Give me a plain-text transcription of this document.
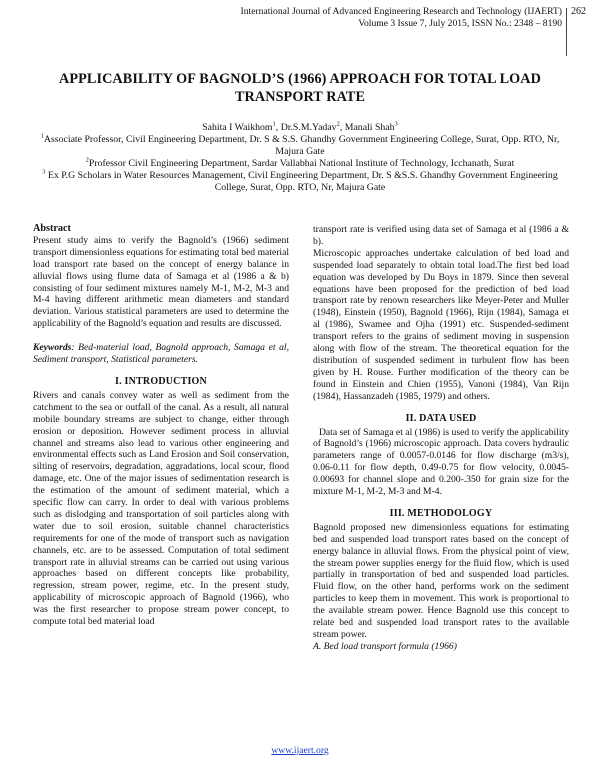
International Journal of Advanced Engineering Research and Technology (IJAERT)
Volume 3 Issue 7, July 2015, ISSN No.: 2348 – 8190
262
APPLICABILITY OF BAGNOLD’S (1966) APPROACH FOR TOTAL LOAD
TRANSPORT RATE

Sahita I Waikhom$^1$, Dr.S.M.Yadav$^2$, Manali Shah$^3$

$^1$Associate Professor, Civil Engineering Department, Dr. S & S.S. Ghandhy Government Engineering College, Surat, Opp. RTO, Nr, Majura Gate

$^2$Professor Civil Engineering Department, Sardar Vallabhai National Institute of Technology, Icchanath, Surat

$^3$ Ex P.G Scholars in Water Resources Management, Civil Engineering Department, Dr. S &S.S. Ghandhy Government Engineering College, Surat, Opp. RTO, Nr, Majura Gate

Abstract

Present study aims to verify the Bagnold’s (1966) sediment transport dimensionless equations for estimating total bed material load transport rate based on the concept of energy balance in alluvial flows using flume data of Samaga et al (1986 a & b) consisting of four sediment mixtures namely M-1, M-2, M-3 and M-4 having different arithmetic mean diameters and standard deviation. Various statistical parameters are used to determine the applicability of the Bagnold’s equation and results are discussed.

Keywords: Bed-material load, Bagnold approach, Samaga et al, Sediment transport, Statistical parameters.

I. INTRODUCTION

Rivers and canals convey water as well as sediment from the catchment to the sea or outfall of the canal. As a result, all natural mobile boundary streams are subject to change, either through erosion or deposition. However sediment process in alluvial channel and streams also lead to various other engineering and environmental effects such as Land Erosion and Soil conservation, silting of reservoirs, degradation, aggradations, local scour, flood damage, etc. One of the major issues of sedimentation research is the estimation of the amount of sediment material, which a specific flow can carry. In order to deal with various problems such as dislodging and transportation of soil particles along with water due to soil erosion, suitable channel characteristics requirements for one of the mode of transport such as navigation channels, etc. are to be assessed. Computation of total sediment transport rate in alluvial streams can be carried out using various approaches based on different concepts like probability, regression, stream power, regime, etc. In the present study, applicability of microscopic approach of Bagnold (1966), who was the first researcher to propose stream power concept, to compute total bed material load

transport rate is verified using data set of Samaga et al (1986 a & b).

Microscopic approaches undertake calculation of bed load and suspended load separately to obtain total load.The first bed load equation was developed by Du Boys in 1879. Since then several equations have been proposed for the prediction of bed load transport rate by renown researchers like Meyer-Peter and Muller (1948), Einstein (1950), Bagnold (1966), Rijn (1984), Samaga et al (1986), Swamee and Ojha (1991) etc. Suspended-sediment transport refers to the grains of sediment moving in suspension along with flow of the stream. The theoretical equation for the distribution of suspended sediment in turbulent flow has been given by H. Rouse. Further modification of the theory can be found in Einstein and Chien (1955), Vanoni (1984), Van Rijn (1984), Hassanzadeh (1985, 1979) and others.

II. DATA USED

Data set of Samaga et al (1986) is used to verify the applicability of Bagnold’s (1966) microscopic approach. Data covers hydraulic parameters range of 0.0057-0.0146 for flow discharge (m3/s), 0.06-0.11 for flow depth, 0.49-0.75 for flow velocity, 0.0045-0.00693 for channel slope and 0.200-.350 for grain size for the mixture M-1, M-2, M-3 and M-4.

III. METHODOLOGY

Bagnold proposed new dimensionless equations for estimating bed and suspended load transport rates based on the concept of energy balance in alluvial flows. From the physical point of view, the stream power supplies energy for the fluid flow, which is used partially in transportation of bed and suspended load particles. Fluid flow, on the other hand, performs work on the sediment particles to keep them in movement. This work is proportional to the available stream power. Hence Bagnold use this concept to relate bed and suspended load transport rates to the available stream power.

A. Bed load transport formula (1966)

www.ijaert.org
